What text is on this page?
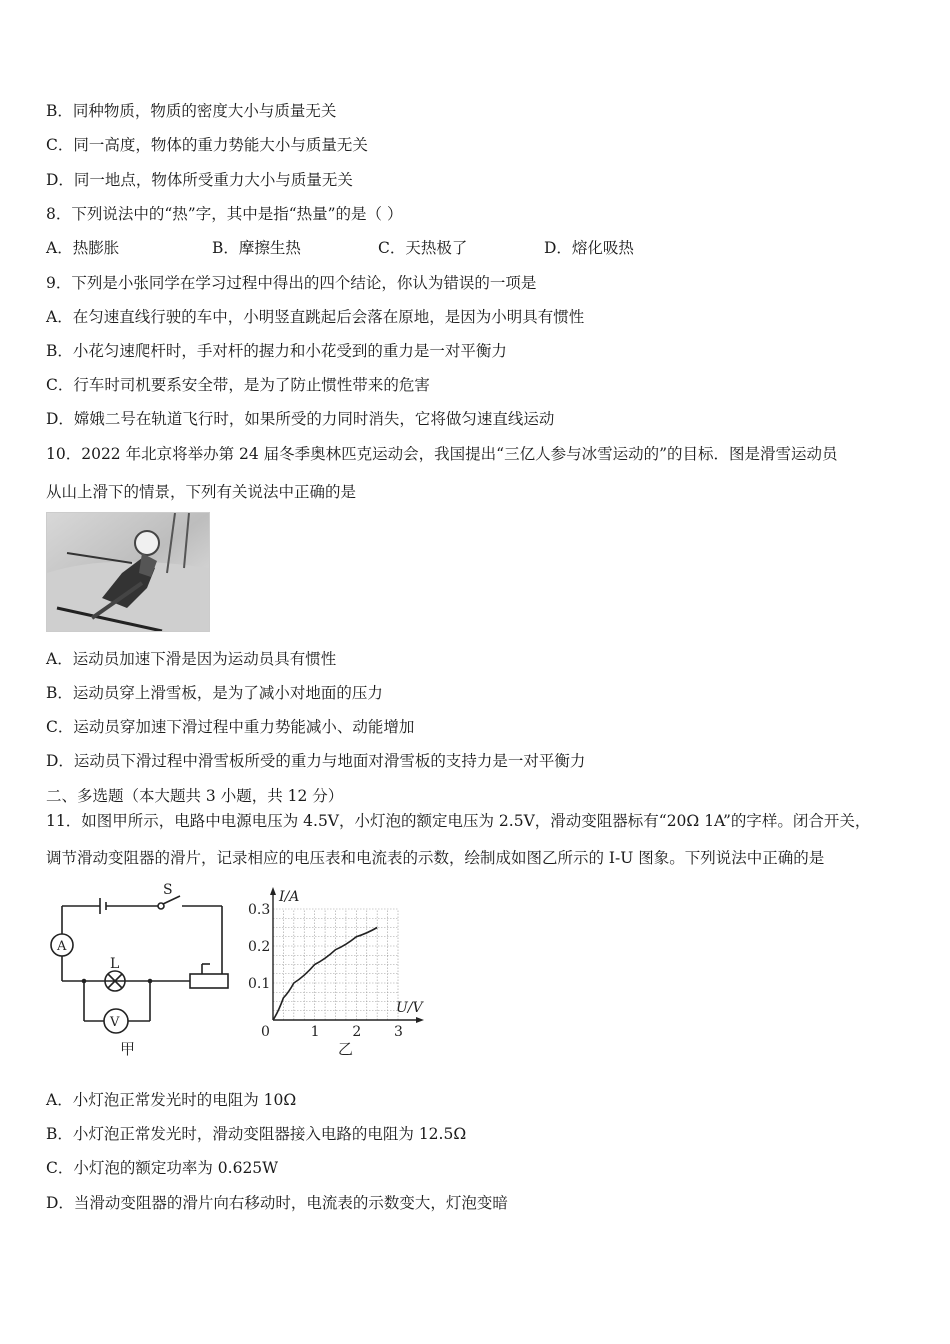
B．同种物质，物质的密度大小与质量无关
C．同一高度，物体的重力势能大小与质量无关
D．同一地点，物体所受重力大小与质量无关
8．下列说法中的“热”字，其中是指“热量”的是（ ）
A．热膨胀	B．摩擦生热	C．天热极了	D．熔化吸热
9．下列是小张同学在学习过程中得出的四个结论，你认为错误的一项是
A．在匀速直线行驶的车中，小明竖直跳起后会落在原地，是因为小明具有惯性
B．小花匀速爬杆时，手对杆的握力和小花受到的重力是一对平衡力
C．行车时司机要系安全带，是为了防止惯性带来的危害
D．嫦娥二号在轨道飞行时，如果所受的力同时消失，它将做匀速直线运动
10．2022 年北京将举办第 24 届冬季奥林匹克运动会，我国提出“三亿人参与冰雪运动的”的目标．图是滑雪运动员
从山上滑下的情景，下列有关说法中正确的是
A．运动员加速下滑是因为运动员具有惯性
B．运动员穿上滑雪板，是为了减小对地面的压力
C．运动员穿加速下滑过程中重力势能减小、动能增加
D．运动员下滑过程中滑雪板所受的重力与地面对滑雪板的支持力是一对平衡力
二、多选题（本大题共 3 小题，共 12 分）
11．如图甲所示，电路中电源电压为 4.5V，小灯泡的额定电压为 2.5V，滑动变阻器标有“20Ω 1A”的字样。闭合开关，
调节滑动变阻器的滑片，记录相应的电压表和电流表的示数，绘制成如图乙所示的 I-U 图象。下列说法中正确的是
S
A
L
V
甲
0	1 2 3
0.1
0.2
0.3
I/A
U/V
乙
A．小灯泡正常发光时的电阻为 10Ω
B．小灯泡正常发光时，滑动变阻器接入电路的电阻为 12.5Ω
C．小灯泡的额定功率为 0.625W
D．当滑动变阻器的滑片向右移动时，电流表的示数变大，灯泡变暗
